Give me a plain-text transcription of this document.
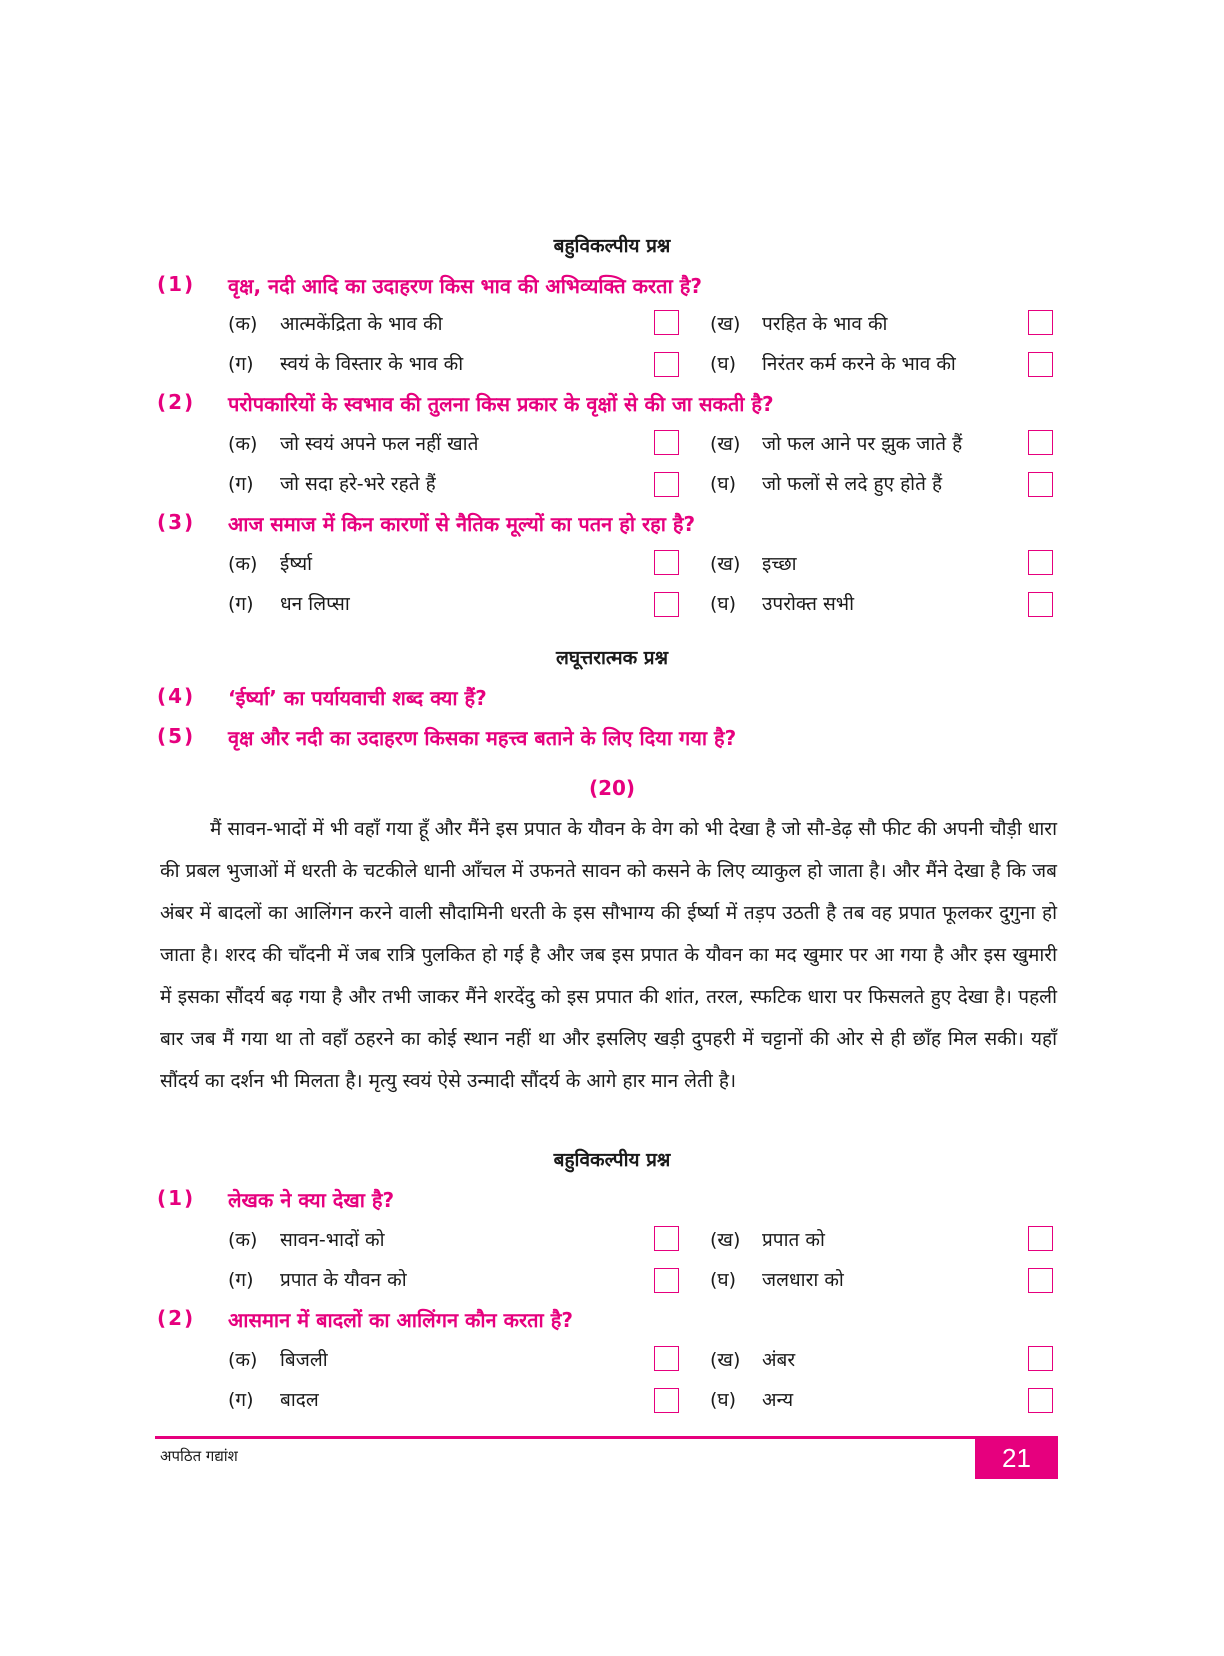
बहुविकल्पीय प्रश्न
(1) वृक्ष, नदी आदि का उदाहरण किस भाव की अभिव्यक्ति करता है?
(क) आत्मकेंद्रिता के भाव की	(ख) परहित के भाव की
(ग) स्वयं के विस्तार के भाव की	(घ) निरंतर कर्म करने के भाव की
(2) परोपकारियों के स्वभाव की तुलना किस प्रकार के वृक्षों से की जा सकती है?
(क) जो स्वयं अपने फल नहीं खाते	(ख) जो फल आने पर झुक जाते हैं
(ग) जो सदा हरे-भरे रहते हैं	(घ) जो फलों से लदे हुए होते हैं
(3) आज समाज में किन कारणों से नैतिक मूल्यों का पतन हो रहा है?
(क) ईर्ष्या	(ख) इच्छा
(ग) धन लिप्सा	(घ) उपरोक्त सभी
लघूत्तरात्मक प्रश्न
(4) ‘ईर्ष्या’ का पर्यायवाची शब्द क्या हैं?
(5) वृक्ष और नदी का उदाहरण किसका महत्त्व बताने के लिए दिया गया है?
(20)
मैं सावन-भादों में भी वहाँ गया हूँ और मैंने इस प्रपात के यौवन के वेग को भी देखा है जो सौ-डेढ़ सौ फीट की अपनी चौड़ी धारा की प्रबल भुजाओं में धरती के चटकीले धानी आँचल में उफनते सावन को कसने के लिए व्याकुल हो जाता है। और मैंने देखा है कि जब अंबर में बादलों का आलिंगन करने वाली सौदामिनी धरती के इस सौभाग्य की ईर्ष्या में तड़प उठती है तब वह प्रपात फूलकर दुगुना हो जाता है। शरद की चाँदनी में जब रात्रि पुलकित हो गई है और जब इस प्रपात के यौवन का मद खुमार पर आ गया है और इस खुमारी में इसका सौंदर्य बढ़ गया है और तभी जाकर मैंने शरदेंदु को इस प्रपात की शांत, तरल, स्फटिक धारा पर फिसलते हुए देखा है। पहली बार जब मैं गया था तो वहाँ ठहरने का कोई स्थान नहीं था और इसलिए खड़ी दुपहरी में चट्टानों की ओर से ही छाँह मिल सकी। यहाँ सौंदर्य का दर्शन भी मिलता है। मृत्यु स्वयं ऐसे उन्मादी सौंदर्य के आगे हार मान लेती है।
बहुविकल्पीय प्रश्न
(1) लेखक ने क्या देखा है?
(क) सावन-भादों को	(ख) प्रपात को
(ग) प्रपात के यौवन को	(घ) जलधारा को
(2) आसमान में बादलों का आलिंगन कौन करता है?
(क) बिजली	(ख) अंबर
(ग) बादल	(घ) अन्य
अपठित गद्यांश	21
